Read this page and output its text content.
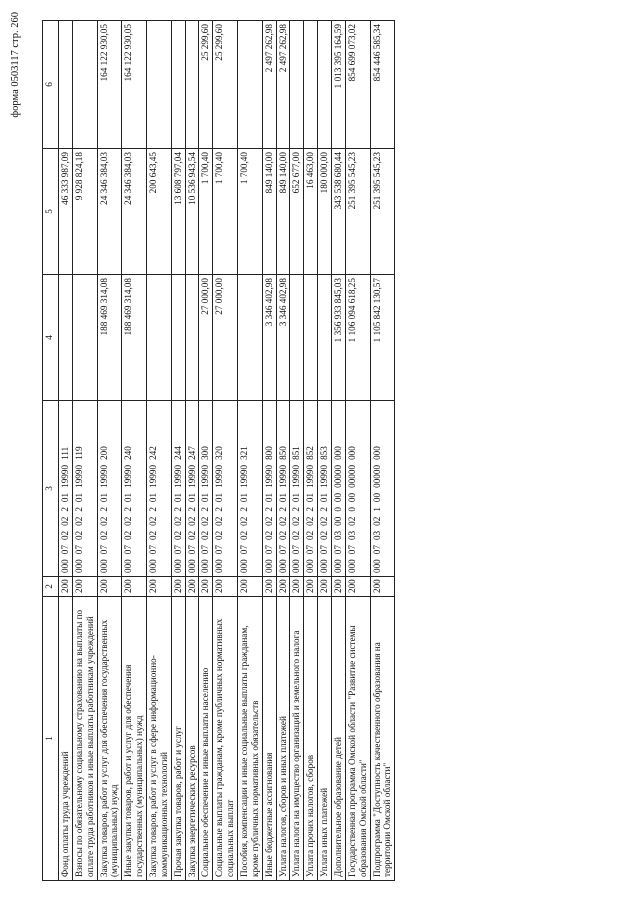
форма 0503117 стр. 260
1	2	3	4	5	6
Фонд оплаты труда учреждений	200	00007020220119990111		46 333 987,09	
Взносы по обязательному социальному страхованию на выплаты по оплате труда работников и иные выплаты работникам учреждений	200	00007020220119990119		9 928 824,18	
Закупка товаров, работ и услуг для обеспечения государственных (муниципальных) нужд	200	00007020220119990200	188 469 314,08	24 346 384,03	164 122 930,05
Иные закупки товаров, работ и услуг для обеспечения государственных (муниципальных) нужд	200	00007020220119990240	188 469 314,08	24 346 384,03	164 122 930,05
Закупка товаров, работ и услуг в сфере информационно-коммуникационных технологий	200	00007020220119990242		200 643,45	
Прочая закупка товаров, работ и услуг	200	00007020220119990244		13 608 797,04	
Закупка энергетических ресурсов	200	00007020220119990247		10 536 943,54	
Социальное обеспечение и иные выплаты населению	200	00007020220119990300	27 000,00	1 700,40	25 299,60
Социальные выплаты гражданам, кроме публичных нормативных социальных выплат	200	00007020220119990320	27 000,00	1 700,40	25 299,60
Пособия, компенсации и иные социальные выплаты гражданам, кроме публичных нормативных обязательств	200	00007020220119990321		1 700,40	
Иные бюджетные ассигнования	200	00007020220119990800	3 346 402,98	849 140,00	2 497 262,98
Уплата налогов, сборов и иных платежей	200	00007020220119990850	3 346 402,98	849 140,00	2 497 262,98
Уплата налога на имущество организаций и земельного налога	200	00007020220119990851		652 677,00	
Уплата прочих налогов, сборов	200	00007020220119990852		16 463,00	
Уплата иных платежей	200	00007020220119990853		180 000,00	
Дополнительное образование детей	200	00007030000000000000	1 356 933 845,03	343 538 680,44	1 013 395 164,59
Государственная программа Омской области "Развитие системы образования Омской области"	200	00007030200000000000	1 106 094 618,25	251 395 545,23	854 699 073,02
Подпрограмма "Доступность качественного образования на территории Омской области"	200	00007030210000000000	1 105 842 130,57	251 395 545,23	854 446 585,34
